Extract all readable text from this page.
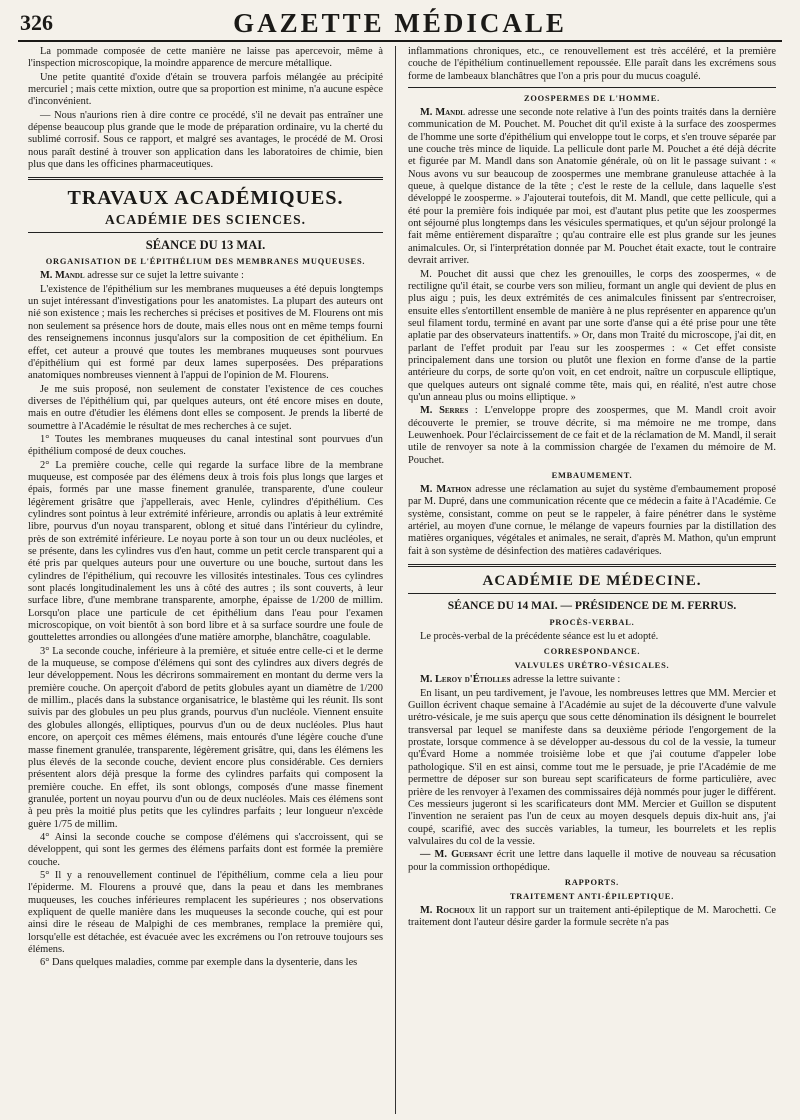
326	GAZETTE MÉDICALE

La pommade composée de cette manière ne laisse pas apercevoir, même à l'inspection microscopique, la moindre apparence de mercure métallique.

Une petite quantité d'oxide d'étain se trouvera parfois mélangée au précipité mercuriel ; mais cette mixtion, outre que sa proportion est minime, n'a aucune espèce d'inconvénient.

— Nous n'aurions rien à dire contre ce procédé, s'il ne devait pas entraîner une dépense beaucoup plus grande que le mode de préparation ordinaire, vu la cherté du sublimé corrosif. Sous ce rapport, et malgré ses avantages, le procédé de M. Orosi nous paraît destiné à trouver son application dans les laboratoires de chimie, bien plus que dans les officines pharmaceutiques.

TRAVAUX ACADÉMIQUES.
ACADÉMIE DES SCIENCES.
SÉANCE DU 13 MAI.
ORGANISATION DE L'ÉPITHÉLIUM DES MEMBRANES MUQUEUSES.

M. Mandl adresse sur ce sujet la lettre suivante :

L'existence de l'épithélium sur les membranes muqueuses a été depuis longtemps un sujet intéressant d'investigations pour les anatomistes. La plupart des auteurs ont nié son existence ; mais les recherches si précises et positives de M. Flourens ont mis non seulement sa présence hors de doute, mais elles nous ont en même temps fourni des renseignemens inconnus jusqu'alors sur la composition de cet épithélium. En effet, cet auteur a prouvé que toutes les membranes muqueuses sont pourvues d'épithélium qui est formé par deux lames superposées. Des préparations anatomiques nombreuses viennent à l'appui de l'opinion de M. Flourens.

Je me suis proposé, non seulement de constater l'existence de ces couches diverses de l'épithélium qui, par quelques auteurs, ont été encore mises en doute, mais en outre d'étudier les élémens dont elles se composent. Je prends la liberté de soumettre à l'Académie le résultat de mes recherches à ce sujet.

1° Toutes les membranes muqueuses du canal intestinal sont pourvues d'un épithélium composé de deux couches.

2° La première couche, celle qui regarde la surface libre de la membrane muqueuse, est composée par des élémens deux à trois fois plus longs que larges et épais, formés par une masse finement granulée, transparente, d'une couleur légèrement grisâtre que j'appellerais, avec Henle, cylindres d'épithélium. Ces cylindres sont pointus à leur extrémité inférieure, arrondis ou aplatis à leur extrémité libre, pourvus d'un noyau transparent, oblong et situé dans l'intérieur du cylindre, près de son extrémité inférieure. Le noyau porte à son tour un ou deux nucléoles, et se présente, dans les cylindres vus d'en haut, comme un petit cercle transparent qui a été pris par quelques auteurs pour une ouverture ou une bouche, surtout dans les cylindres de l'épithélium, qui recouvre les villosités intestinales. Tous ces cylindres sont placés longitudinalement les uns à côté des autres ; ils sont couverts, à leur surface libre, d'une membrane transparente, amorphe, épaisse de 1/200 de millim. Lorsqu'on place une particule de cet épithélium dans l'eau pour l'examen microscopique, on voit bientôt à son bord libre et à sa surface sourdre une foule de gouttelettes arrondies ou allongées d'une matière amorphe, blanchâtre, coagulable.

3° La seconde couche, inférieure à la première, et située entre celle-ci et le derme de la muqueuse, se compose d'élémens qui sont des cylindres aux divers degrés de leur développement. Nous les décrirons sommairement en montant du derme vers la première couche. On aperçoit d'abord de petits globules ayant un diamètre de 1/200 de millim., placés dans la substance organisatrice, le blastème qui les réunit. Ils sont suivis par des globules un peu plus grands, pourvus d'un nucléole. Viennent ensuite des globules allongés, elliptiques, pourvus d'un ou de deux nucléoles. Plus haut encore, on aperçoit ces mêmes élémens, mais entourés d'une légère couche d'une masse finement granulée, transparente, légèrement grisâtre, qui, dans les élémens les plus élevés de la seconde couche, devient encore plus considérable. Ces derniers présentent alors déjà presque la forme des cylindres parfaits qui composent la première couche. En effet, ils sont oblongs, composés d'une masse finement granulée, portent un noyau pourvu d'un ou de deux nucléoles. Mais ces élémens sont à peu près la moitié plus petits que les cylindres parfaits ; leur longueur n'excède guère 1/75 de millim.

4° Ainsi la seconde couche se compose d'élémens qui s'accroissent, qui se développent, qui sont les germes des élémens parfaits dont est formée la première couche.

5° Il y a renouvellement continuel de l'épithélium, comme cela a lieu pour l'épiderme. M. Flourens a prouvé que, dans la peau et dans les membranes muqueuses, les couches inférieures remplacent les supérieures ; nos observations expliquent de quelle manière dans les muqueuses la seconde couche, qui est pour ainsi dire le réseau de Malpighi de ces membranes, remplace la première qui, lorsqu'elle est détachée, est évacuée avec les excrémens ou l'on retrouve toujours ses élémens.

6° Dans quelques maladies, comme par exemple dans la dysenterie, dans les

inflammations chroniques, etc., ce renouvellement est très accéléré, et la première couche de l'épithélium continuellement repoussée. Elle paraît dans les excrémens sous forme de lambeaux blanchâtres que l'on a pris pour du mucus coagulé.

ZOOSPERMES DE L'HOMME.

M. Mandl adresse une seconde note relative à l'un des points traités dans la dernière communication de M. Pouchet. M. Pouchet dit qu'il existe à la surface des zoospermes de l'homme une sorte d'épithélium qui enveloppe tout le corps, et s'en trouve séparée par une couche très mince de liquide. La pellicule dont parle M. Pouchet a été déjà décrite et figurée par M. Mandl dans son Anatomie générale, où on lit le passage suivant : « Nous avons vu sur beaucoup de zoospermes une membrane granuleuse attachée à la queue, à quelque distance de la tête ; c'est le reste de la cellule, dans laquelle s'est développé le zoosperme. » J'ajouterai toutefois, dit M. Mandl, que cette pellicule, qui a été pour la première fois indiquée par moi, est d'autant plus petite que les zoospermes ont séjourné plus longtemps dans les vésicules spermatiques, et qu'un séjour prolongé la fait même entièrement disparaître ; qu'au contraire elle est plus grande sur les jeunes animalcules. Or, si l'interprétation donnée par M. Pouchet était exacte, tout le contraire devrait arriver.

M. Pouchet dit aussi que chez les grenouilles, le corps des zoospermes, « de rectiligne qu'il était, se courbe vers son milieu, formant un angle qui devient de plus en plus aigu ; puis, les deux extrémités de ces animalcules finissent par s'entrecroiser, ensuite elles s'entortillent ensemble de manière à ne plus représenter en apparence qu'un seul filament tordu, terminé en avant par une sorte d'anse qui a été prise pour une tête aplatie par des observateurs inattentifs. » Or, dans mon Traité du microscope, j'ai dit, en parlant de l'effet produit par l'eau sur les zoospermes : « Cet effet consiste principalement dans une torsion ou plutôt une flexion en forme d'anse de la partie antérieure du corps, de sorte qu'on voit, en cet endroit, naître un corpuscule elliptique, que quelques auteurs ont signalé comme tête, mais qui, en réalité, n'est autre chose qu'un anneau plus ou moins elliptique. »

M. Serres : L'enveloppe propre des zoospermes, que M. Mandl croit avoir découverte le premier, se trouve décrite, si ma mémoire ne me trompe, dans Leuwenhoek. Pour l'éclaircissement de ce fait et de la réclamation de M. Mandl, il serait utile de renvoyer sa note à la commission chargée de l'examen du mémoire de M. Pouchet.

EMBAUMEMENT.

M. Mathon adresse une réclamation au sujet du système d'embaumement proposé par M. Dupré, dans une communication récente que ce médecin a faite à l'Académie. Ce système, consistant, comme on peut se le rappeler, à faire pénétrer dans le système artériel, au moyen d'une cornue, le mélange de vapeurs fournies par la distillation des matières organiques, végétales et animales, ne serait, d'après M. Mathon, qu'un emprunt fait à son système de désinfection des matières cadavériques.

ACADÉMIE DE MÉDECINE.
SÉANCE DU 14 MAI. — PRÉSIDENCE DE M. FERRUS.
PROCÈS-VERBAL.

Le procès-verbal de la précédente séance est lu et adopté.

CORRESPONDANCE.
VALVULES URÉTRO-VÉSICALES.

M. Leroy d'Étiolles adresse la lettre suivante :

En lisant, un peu tardivement, je l'avoue, les nombreuses lettres que MM. Mercier et Guillon écrivent chaque semaine à l'Académie au sujet de la découverte d'une valvule urétro-vésicale, je me suis aperçu que sous cette dénomination ils désignent le bourrelet transversal par lequel se manifeste dans sa deuxième période l'engorgement de la prostate, lorsque commence à se développer au-dessous du col de la vessie, la tumeur qu'Évard Home a nommée troisième lobe et que j'ai coutume d'appeler lobe pathologique. S'il en est ainsi, comme tout me le persuade, je prie l'Académie de me permettre de déposer sur son bureau sept scarificateurs de forme particulière, avec prière de les renvoyer à l'examen des commissaires déjà nommés pour juger le différent. Ces messieurs jugeront si les scarificateurs dont MM. Mercier et Guillon se disputent l'invention ne seraient pas l'un de ceux au moyen desquels depuis dix-huit ans, j'ai coupé, scarifié, avec des succès variables, la tumeur, les bourrelets et les replis valvulaires du col de la vessie.

— M. Guersant écrit une lettre dans laquelle il motive de nouveau sa récusation pour la commission orthopédique.

RAPPORTS.
TRAITEMENT ANTI-ÉPILEPTIQUE.

M. Rochoux lit un rapport sur un traitement anti-épileptique de M. Marochetti. Ce traitement dont l'auteur désire garder la formule secrète n'a pas
